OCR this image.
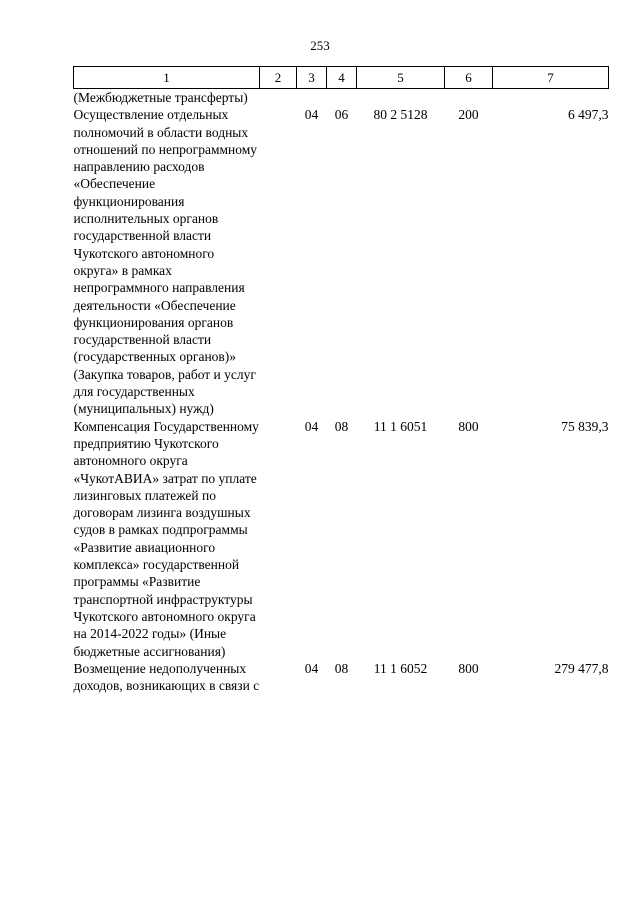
253
1	2	3	4	5	6	7
(Межбюджетные трансферты)						
Осуществление отдельных полномочий в области водных отношений по непрограммному направлению расходов «Обеспечение функционирования исполнительных органов государственной власти Чукотского автономного округа» в рамках непрограммного направления деятельности «Обеспечение функционирования органов государственной власти (государственных органов)» (Закупка товаров, работ и услуг для государственных (муниципальных) нужд)		04	06	80 2 5128	200	6 497,3
Компенсация Государственному предприятию Чукотского автономного округа «ЧукотАВИА» затрат по уплате лизинговых платежей по договорам лизинга воздушных судов в рамках подпрограммы «Развитие авиационного комплекса» государственной программы «Развитие транспортной инфраструктуры Чукотского автономного округа на 2014-2022 годы» (Иные бюджетные ассигнования)		04	08	11 1 6051	800	75 839,3
Возмещение недополученных доходов, возникающих в связи с		04	08	11 1 6052	800	279 477,8
